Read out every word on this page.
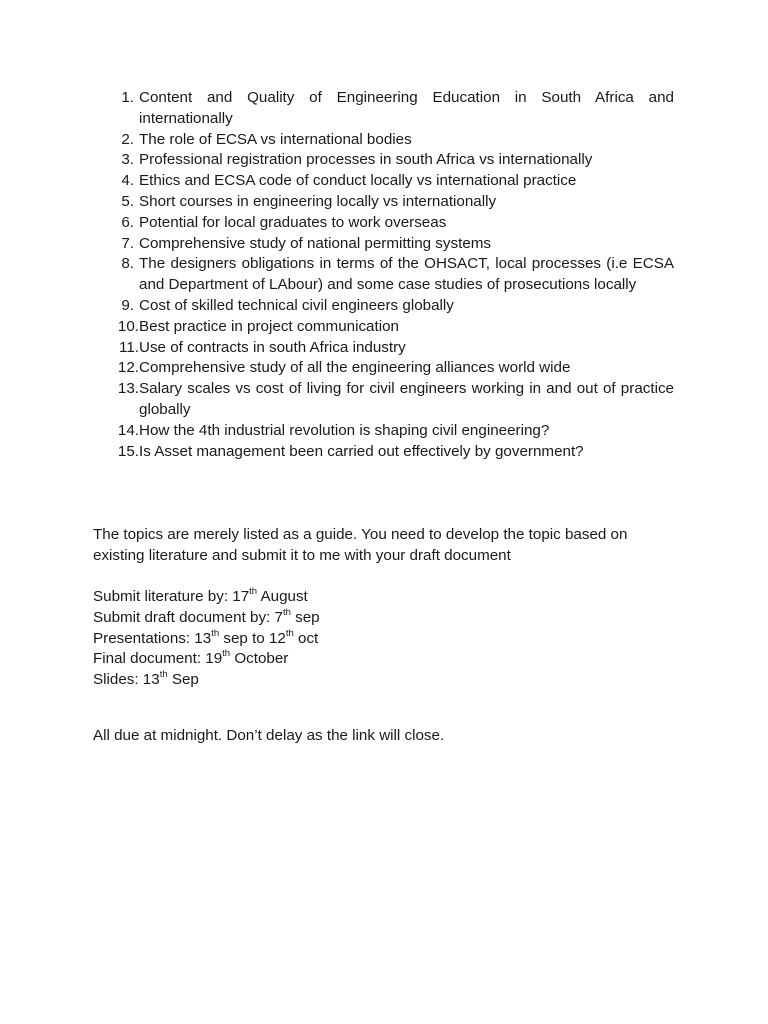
1. Content and Quality of Engineering Education in South Africa and internationally
2. The role of ECSA vs international bodies
3. Professional registration processes in south Africa vs internationally
4. Ethics and ECSA code of conduct locally vs international practice
5. Short courses in engineering locally vs internationally
6. Potential for local graduates to work overseas
7. Comprehensive study of national permitting systems
8. The designers obligations in terms of the OHSACT, local processes (i.e ECSA and Department of LAbour) and some case studies of prosecutions locally
9. Cost of skilled technical civil engineers globally
10. Best practice in project communication
11. Use of contracts in south Africa industry
12. Comprehensive study of all the engineering alliances world wide
13. Salary scales vs cost of living for civil engineers working in and out of practice globally
14. How the 4th industrial revolution is shaping civil engineering?
15. Is Asset management been carried out effectively by government?

The topics are merely listed as a guide. You need to develop the topic based on existing literature and submit it to me with your draft document

Submit literature by: 17th August
Submit draft document by: 7th sep
Presentations: 13th sep to 12th oct
Final document: 19th October
Slides: 13th Sep

All due at midnight. Don’t delay as the link will close.
